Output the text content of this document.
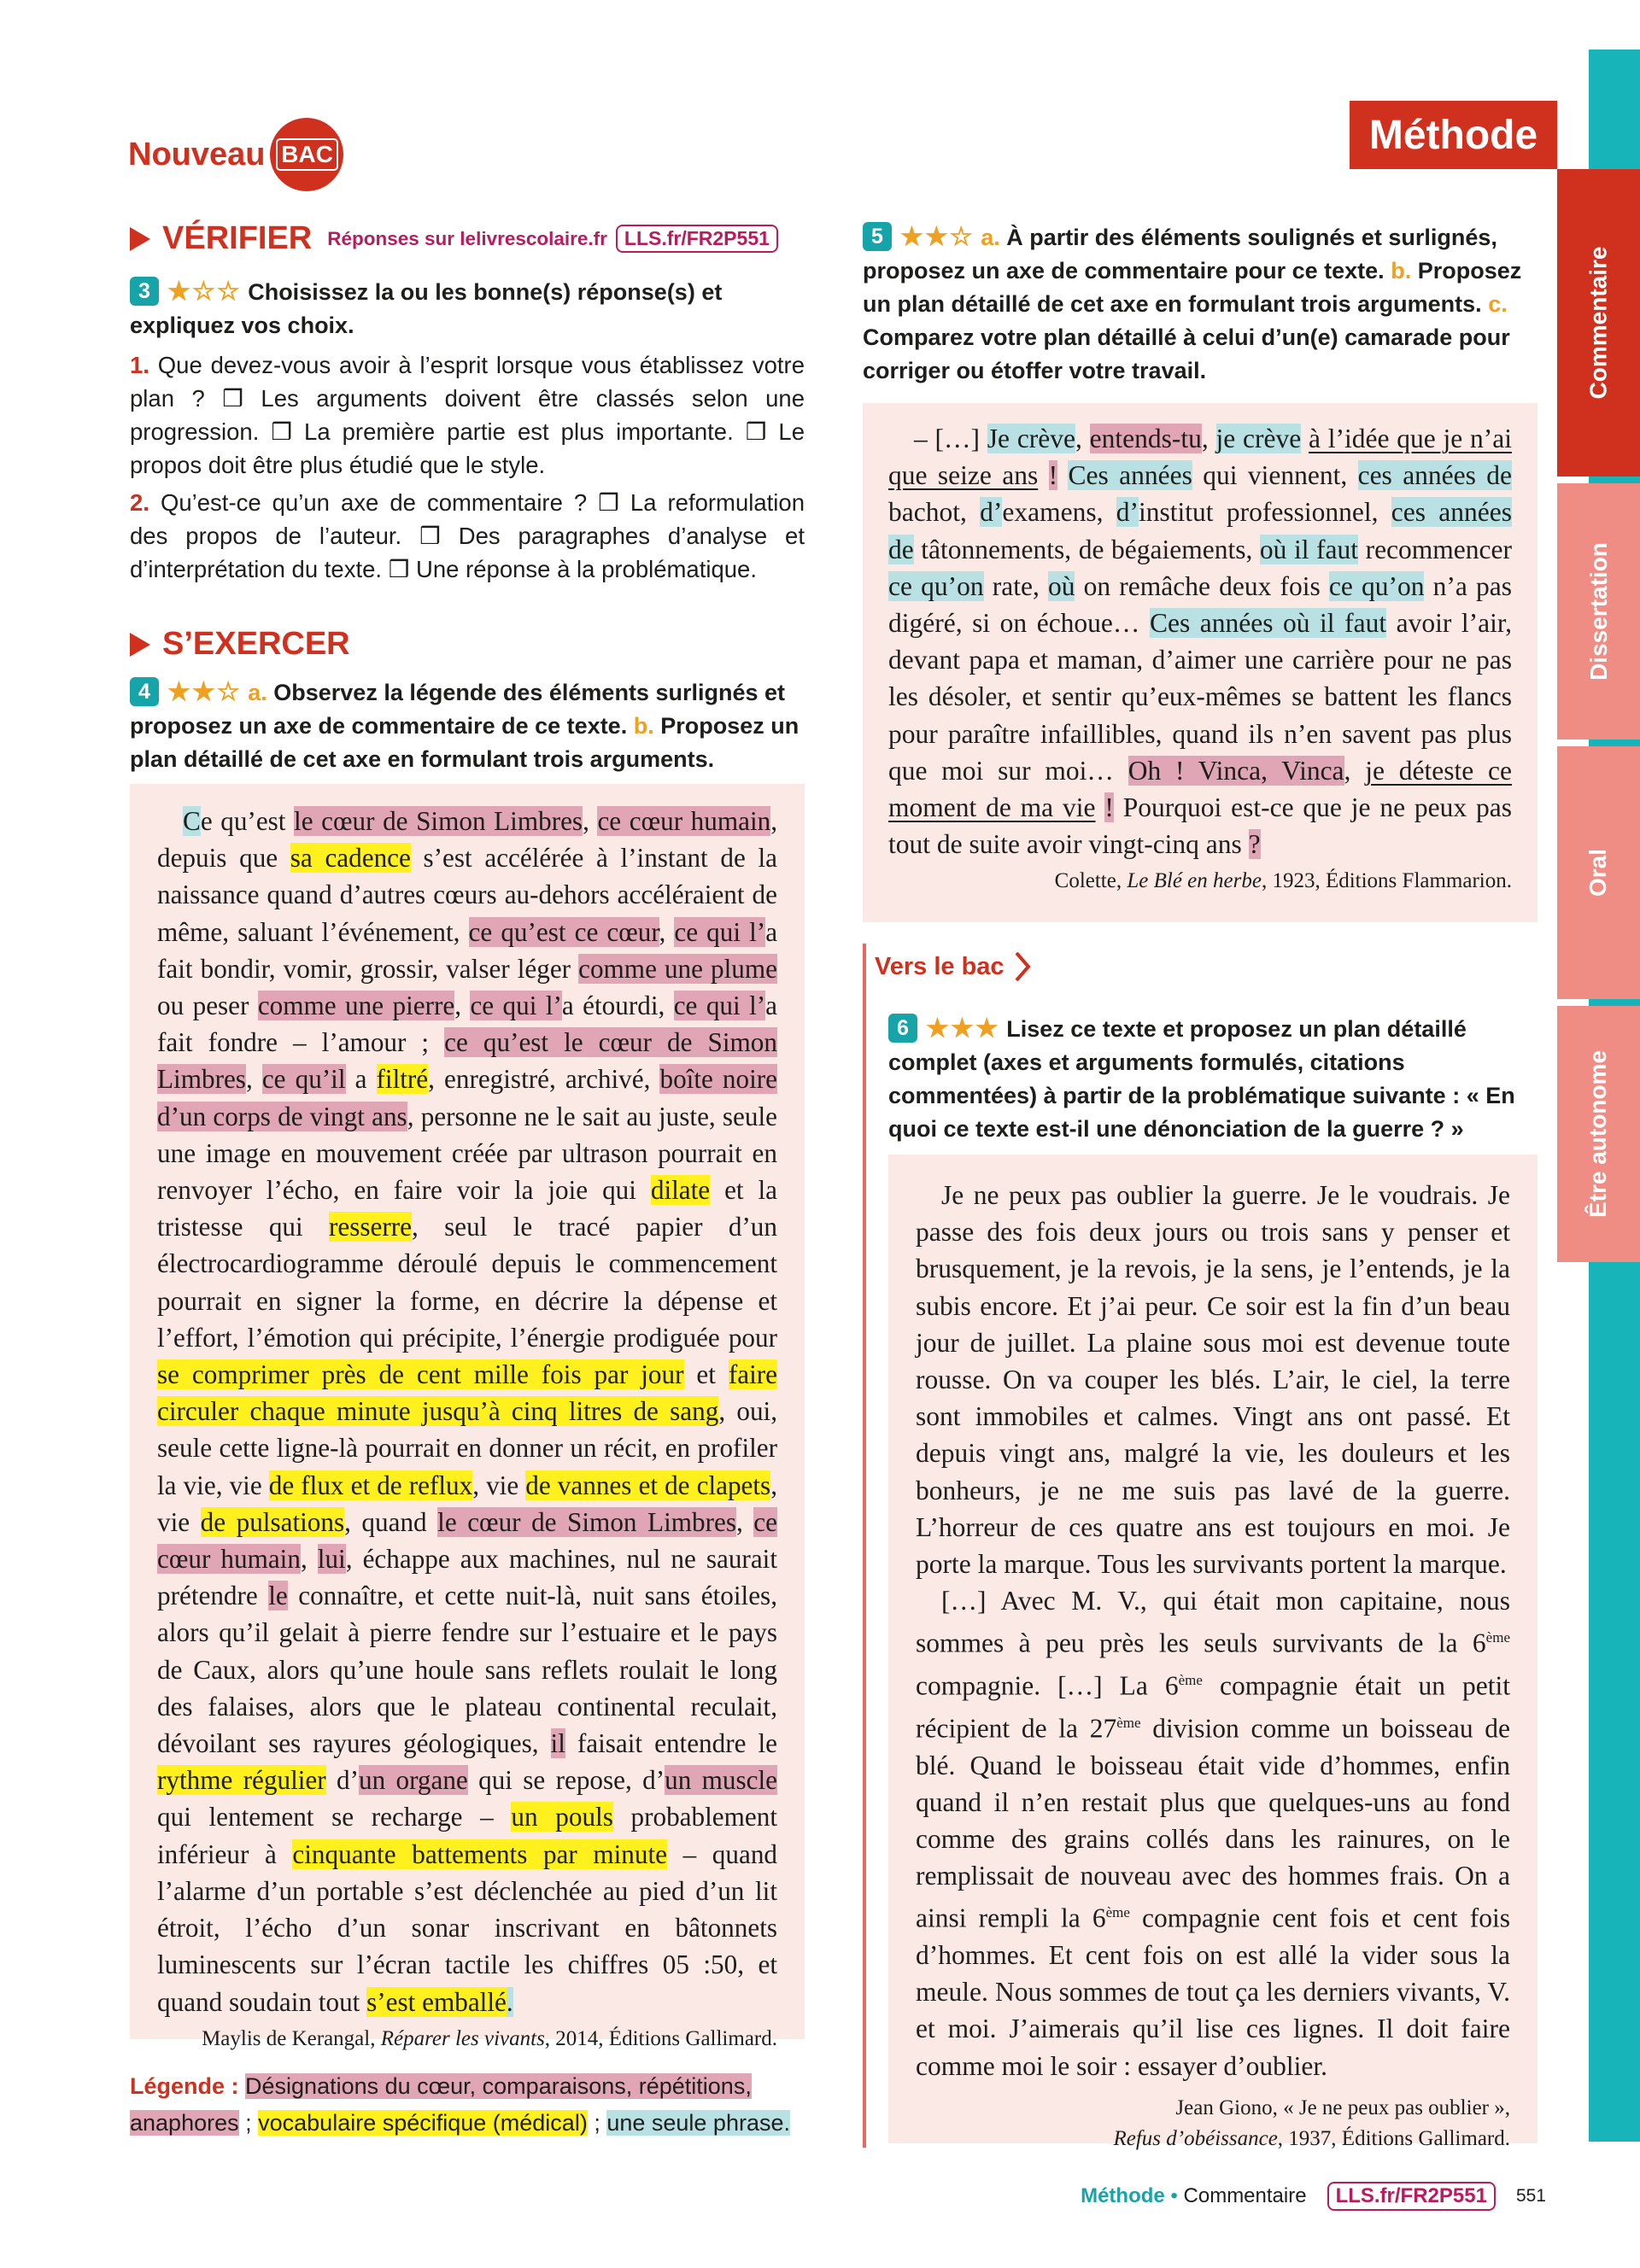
Nouveau BAC	Méthode
Commentaire
Dissertation
Oral
Être autonome
VÉRIFIER Réponses sur lelivrescolaire.fr LLS.fr/FR2P551
3 ★☆☆ Choisissez la ou les bonne(s) réponse(s) et expliquez vos choix.
1. Que devez-vous avoir à l’esprit lorsque vous établissez votre plan ? ❒ Les arguments doivent être classés selon une progression. ❒ La première partie est plus importante. ❒ Le propos doit être plus étudié que le style.
2. Qu’est-ce qu’un axe de commentaire ? ❒ La reformulation des propos de l’auteur. ❒ Des paragraphes d’analyse et d’interprétation du texte. ❒ Une réponse à la problématique.
S’EXERCER
4 ★★☆ a. Observez la légende des éléments surlignés et proposez un axe de commentaire de ce texte. b. Proposez un plan détaillé de cet axe en formulant trois arguments.

Ce qu’est le cœur de Simon Limbres, ce cœur humain, depuis que sa cadence s’est accélérée à l’instant de la naissance quand d’autres cœurs au-dehors accéléraient de même, saluant l’événement, ce qu’est ce cœur, ce qui l’a fait bondir, vomir, grossir, valser léger comme une plume ou peser comme une pierre, ce qui l’a étourdi, ce qui l’a fait fondre – l’amour ; ce qu’est le cœur de Simon Limbres, ce qu’il a filtré, enregistré, archivé, boîte noire d’un corps de vingt ans, personne ne le sait au juste, seule une image en mouvement créée par ultrason pourrait en renvoyer l’écho, en faire voir la joie qui dilate et la tristesse qui resserre, seul le tracé papier d’un électrocardiogramme déroulé depuis le commencement pourrait en signer la forme, en décrire la dépense et l’effort, l’émotion qui précipite, l’énergie prodiguée pour se comprimer près de cent mille fois par jour et faire circuler chaque minute jusqu’à cinq litres de sang, oui, seule cette ligne-là pourrait en donner un récit, en profiler la vie, vie de flux et de reflux, vie de vannes et de clapets, vie de pulsations, quand le cœur de Simon Limbres, ce cœur humain, lui, échappe aux machines, nul ne saurait prétendre le connaître, et cette nuit-là, nuit sans étoiles, alors qu’il gelait à pierre fendre sur l’estuaire et le pays de Caux, alors qu’une houle sans reflets roulait le long des falaises, alors que le plateau continental reculait, dévoilant ses rayures géologiques, il faisait entendre le rythme régulier d’un organe qui se repose, d’un muscle qui lentement se recharge – un pouls probablement inférieur à cinquante battements par minute – quand l’alarme d’un portable s’est déclenchée au pied d’un lit étroit, l’écho d’un sonar inscrivant en bâtonnets luminescents sur l’écran tactile les chiffres 05 :50, et quand soudain tout s’est emballé.

Maylis de Kerangal, Réparer les vivants, 2014, Éditions Gallimard.
Légende : Désignations du cœur, comparaisons, répétitions, anaphores ; vocabulaire spécifique (médical) ; une seule phrase.
5 ★★☆ a. À partir des éléments soulignés et surlignés, proposez un axe de commentaire pour ce texte. b. Proposez un plan détaillé de cet axe en formulant trois arguments. c. Comparez votre plan détaillé à celui d’un(e) camarade pour corriger ou étoffer votre travail.

– […] Je crève, entends-tu, je crève à l’idée que je n’ai que seize ans ! Ces années qui viennent, ces années de bachot, d’examens, d’institut professionnel, ces années de tâtonnements, de bégaiements, où il faut recommencer ce qu’on rate, où on remâche deux fois ce qu’on n’a pas digéré, si on échoue… Ces années où il faut avoir l’air, devant papa et maman, d’aimer une carrière pour ne pas les désoler, et sentir qu’eux-mêmes se battent les flancs pour paraître infaillibles, quand ils n’en savent pas plus que moi sur moi… Oh ! Vinca, Vinca, je déteste ce moment de ma vie ! Pourquoi est-ce que je ne peux pas tout de suite avoir vingt-cinq ans ?

Colette, Le Blé en herbe, 1923, Éditions Flammarion.
Vers le bac
6 ★★★ Lisez ce texte et proposez un plan détaillé complet (axes et arguments formulés, citations commentées) à partir de la problématique suivante : « En quoi ce texte est-il une dénonciation de la guerre ? »

Je ne peux pas oublier la guerre. Je le voudrais. Je passe des fois deux jours ou trois sans y penser et brusquement, je la revois, je la sens, je l’entends, je la subis encore. Et j’ai peur. Ce soir est la fin d’un beau jour de juillet. La plaine sous moi est devenue toute rousse. On va couper les blés. L’air, le ciel, la terre sont immobiles et calmes. Vingt ans ont passé. Et depuis vingt ans, malgré la vie, les douleurs et les bonheurs, je ne me suis pas lavé de la guerre. L’horreur de ces quatre ans est toujours en moi. Je porte la marque. Tous les survivants portent la marque.

[…] Avec M. V., qui était mon capitaine, nous sommes à peu près les seuls survivants de la 6ème compagnie. […] La 6ème compagnie était un petit récipient de la 27ème division comme un boisseau de blé. Quand le boisseau était vide d’hommes, enfin quand il n’en restait plus que quelques-uns au fond comme des grains collés dans les rainures, on le remplissait de nouveau avec des hommes frais. On a ainsi rempli la 6ème compagnie cent fois et cent fois d’hommes. Et cent fois on est allé la vider sous la meule. Nous sommes de tout ça les derniers vivants, V. et moi. J’aimerais qu’il lise ces lignes. Il doit faire comme moi le soir : essayer d’oublier.

Jean Giono, « Je ne peux pas oublier »,
Refus d’obéissance, 1937, Éditions Gallimard.
Méthode • Commentaire	LLS.fr/FR2P551	551
